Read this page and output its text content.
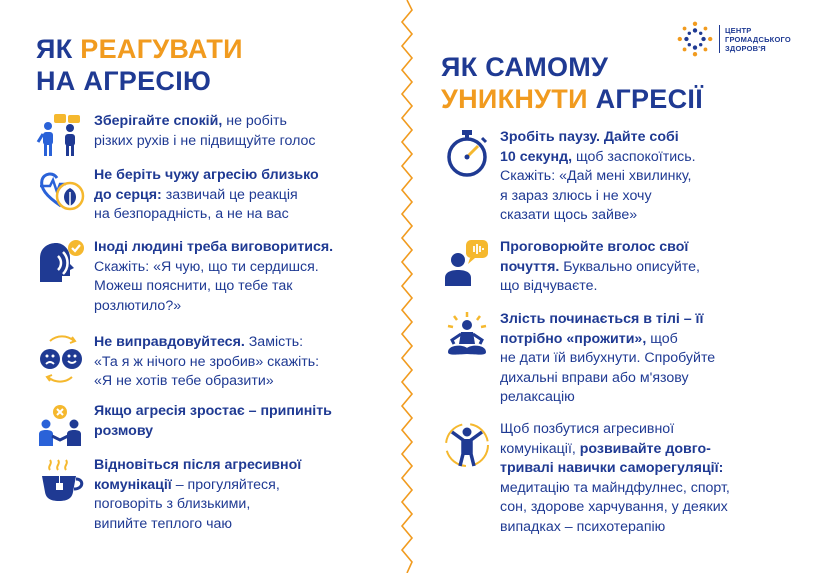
ЦЕНТР
ГРОМАДСЬКОГО
ЗДОРОВ'Я
ЯК РЕАГУВАТИ
НА АГРЕСІЮ	ЯК САМОМУ
УНИКНУТИ АГРЕСІЇ
Зберігайте спокій, не робіть
різких рухів і не підвищуйте голос
Не беріть чужу агресію близько
до серця: зазвичай це реакція
на безпорадність, а не на вас
Іноді людині треба виговоритися.
Скажіть: «Я чую, що ти сердишся.
Можеш пояснити, що тебе так
розлютило?»
Не виправдовуйтеся. Замість:
«Та я ж нічого не зробив» скажіть:
«Я не хотів тебе образити»
Якщо агресія зростає – припиніть
розмову
Відновіться після агресивної
комунікації – прогуляйтеся,
поговоріть з близькими,
випийте теплого чаю
Зробіть паузу. Дайте собі
10 секунд, щоб заспокоїтись.
Скажіть: «Дай мені хвилинку,
я зараз злюсь і не хочу
сказати щось зайве»
Проговорюйте вголос свої
почуття. Буквально описуйте,
що відчуваєте.
Злість починається в тілі – її
потрібно «прожити», щоб
не дати їй вибухнути. Спробуйте
дихальні вправи або м'язову
релаксацію
Щоб позбутися агресивної
комунікації, розвивайте довго-
тривалі навички саморегуляції:
медитацію та майндфулнес, спорт,
сон, здорове харчування, у деяких
випадках – психотерапію
